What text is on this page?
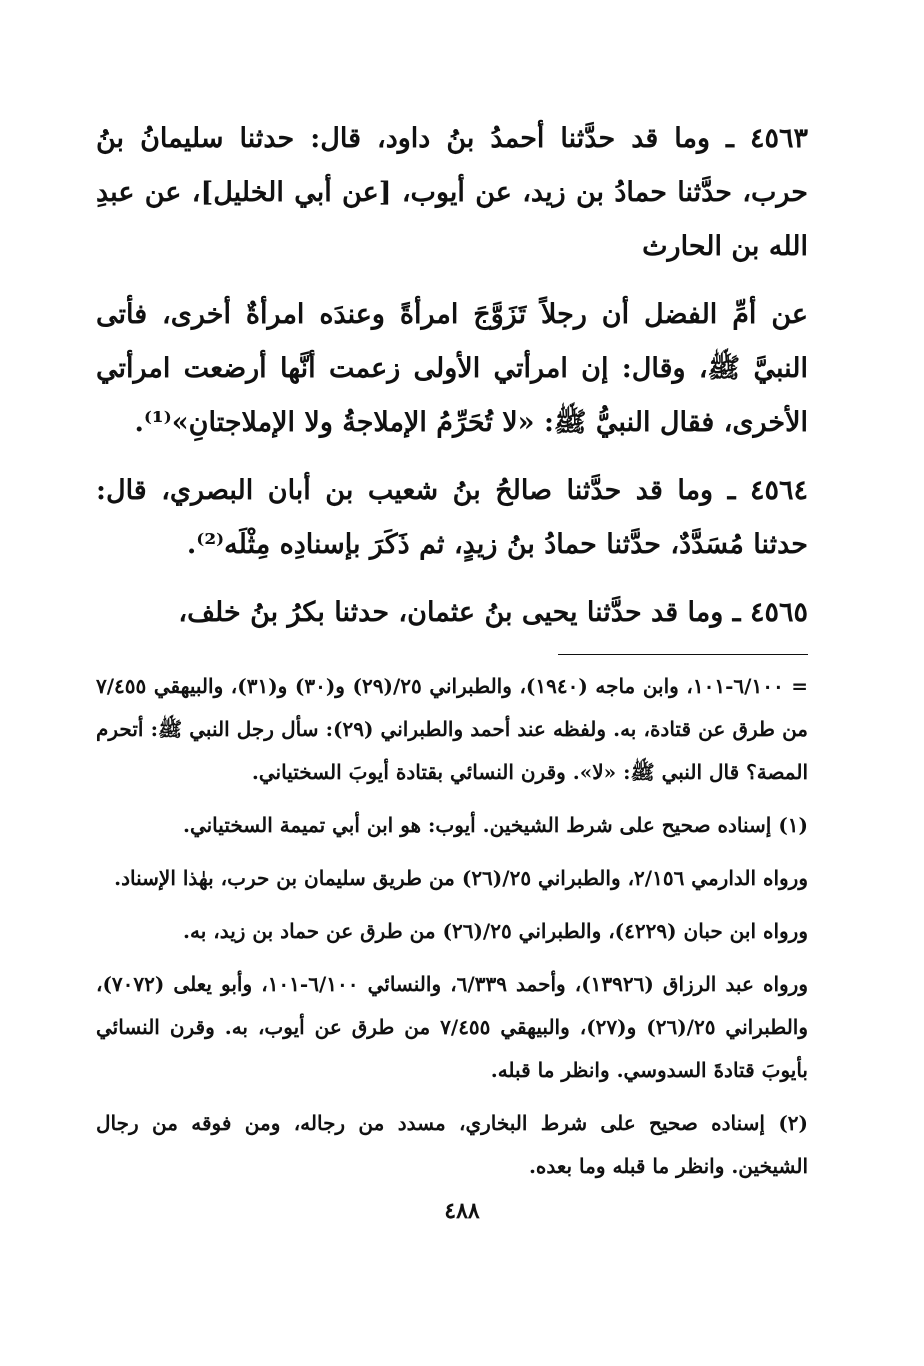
٤٥٦٣ ـ وما قد حدَّثنا أحمدُ بنُ داود، قال: حدثنا سليمانُ بنُ حرب، حدَّثنا حمادُ بن زيد، عن أيوب، [عن أبي الخليل]، عن عبدِ الله بن الحارث

عن أمِّ الفضل أن رجلاً تَزَوَّجَ امرأةً وعندَه امرأةٌ أخرى، فأتى النبيَّ ﷺ، وقال: إن امرأتي الأولى زعمت أنَّها أرضعت امرأتي الأخرى، فقال النبيُّ ﷺ: «لا تُحَرِّمُ الإملاجةُ ولا الإملاجتانِ»⁽¹⁾.

٤٥٦٤ ـ وما قد حدَّثنا صالحُ بنُ شعيب بن أبان البصري، قال: حدثنا مُسَدَّدٌ، حدَّثنا حمادُ بنُ زيدٍ، ثم ذَكَرَ بإسنادِه مِثْلَه⁽²⁾.

٤٥٦٥ ـ وما قد حدَّثنا يحيى بنُ عثمان، حدثنا بكرُ بنُ خلف،

= ٦/١٠٠-١٠١، وابن ماجه (١٩٤٠)، والطبراني ٢٥/(٢٩) و(٣٠) و(٣١)، والبيهقي ٧/٤٥٥ من طرق عن قتادة، به. ولفظه عند أحمد والطبراني (٢٩): سأل رجل النبي ﷺ: أتحرم المصة؟ قال النبي ﷺ: «لا». وقرن النسائي بقتادة أيوبَ السختياني.

(١) إسناده صحيح على شرط الشيخين. أيوب: هو ابن أبي تميمة السختياني.

ورواه الدارمي ٢/١٥٦، والطبراني ٢٥/(٢٦) من طريق سليمان بن حرب، بهٰذا الإسناد.

ورواه ابن حبان (٤٢٢٩)، والطبراني ٢٥/(٢٦) من طرق عن حماد بن زيد، به.

ورواه عبد الرزاق (١٣٩٢٦)، وأحمد ٦/٣٣٩، والنسائي ٦/١٠٠-١٠١، وأبو يعلى (٧٠٧٢)، والطبراني ٢٥/(٢٦) و(٢٧)، والبيهقي ٧/٤٥٥ من طرق عن أيوب، به. وقرن النسائي بأيوبَ قتادةَ السدوسي. وانظر ما قبله.

(٢) إسناده صحيح على شرط البخاري، مسدد من رجاله، ومن فوقه من رجال الشيخين. وانظر ما قبله وما بعده.

٤٨٨
